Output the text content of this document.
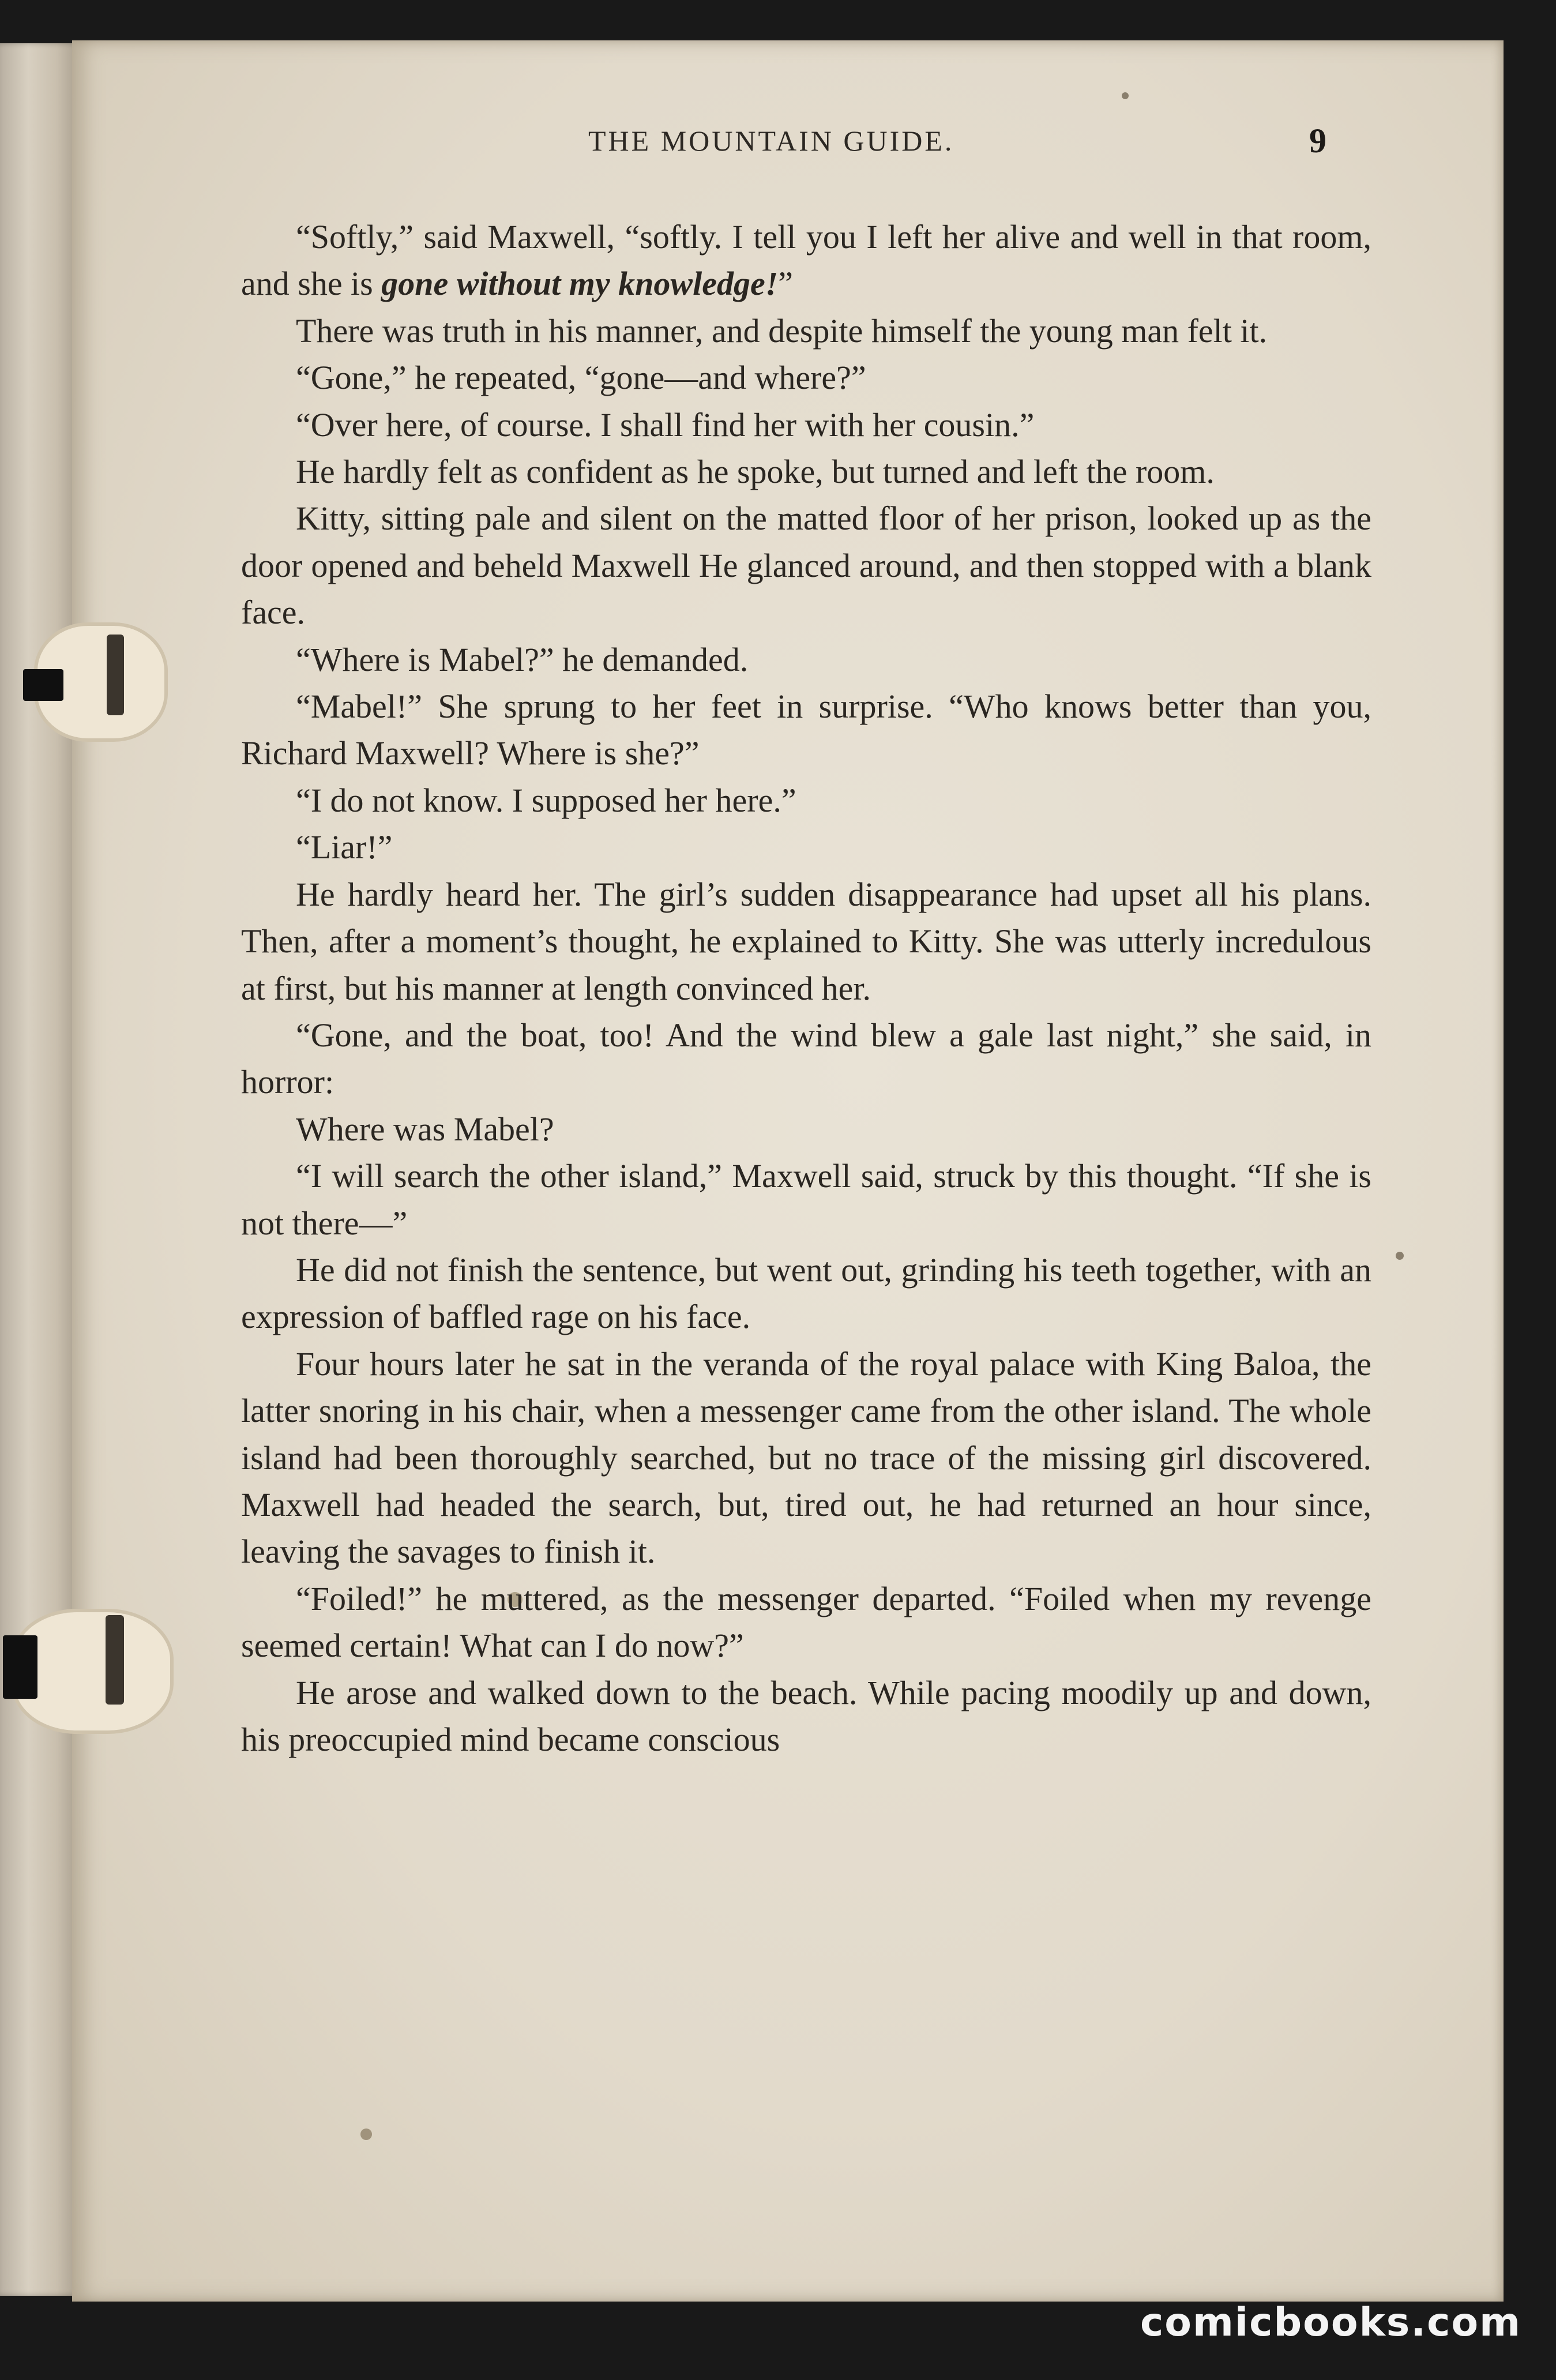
THE MOUNTAIN GUIDE.	9

“Softly,” said Maxwell, “softly. I tell you I left her alive and well in that room, and she is gone without my knowledge!”

There was truth in his manner, and despite himself the young man felt it.

“Gone,” he repeated, “gone—and where?”

“Over here, of course. I shall find her with her cousin.”

He hardly felt as confident as he spoke, but turned and left the room.

Kitty, sitting pale and silent on the matted floor of her prison, looked up as the door opened and beheld Maxwell He glanced around, and then stopped with a blank face.

“Where is Mabel?” he demanded.

“Mabel!” She sprung to her feet in surprise. “Who knows better than you, Richard Maxwell? Where is she?”

“I do not know. I supposed her here.”

“Liar!”

He hardly heard her. The girl’s sudden disappearance had upset all his plans. Then, after a moment’s thought, he explained to Kitty. She was utterly incredulous at first, but his manner at length convinced her.

“Gone, and the boat, too! And the wind blew a gale last night,” she said, in horror:

Where was Mabel?

“I will search the other island,” Maxwell said, struck by this thought. “If she is not there—”

He did not finish the sentence, but went out, grinding his teeth together, with an expression of baffled rage on his face.

Four hours later he sat in the veranda of the royal palace with King Baloa, the latter snoring in his chair, when a messenger came from the other island. The whole island had been thoroughly searched, but no trace of the missing girl discovered. Maxwell had headed the search, but, tired out, he had returned an hour since, leaving the savages to finish it.

“Foiled!” he muttered, as the messenger departed. “Foiled when my revenge seemed certain! What can I do now?”

He arose and walked down to the beach. While pacing moodily up and down, his preoccupied mind became conscious

comicbooks.com
